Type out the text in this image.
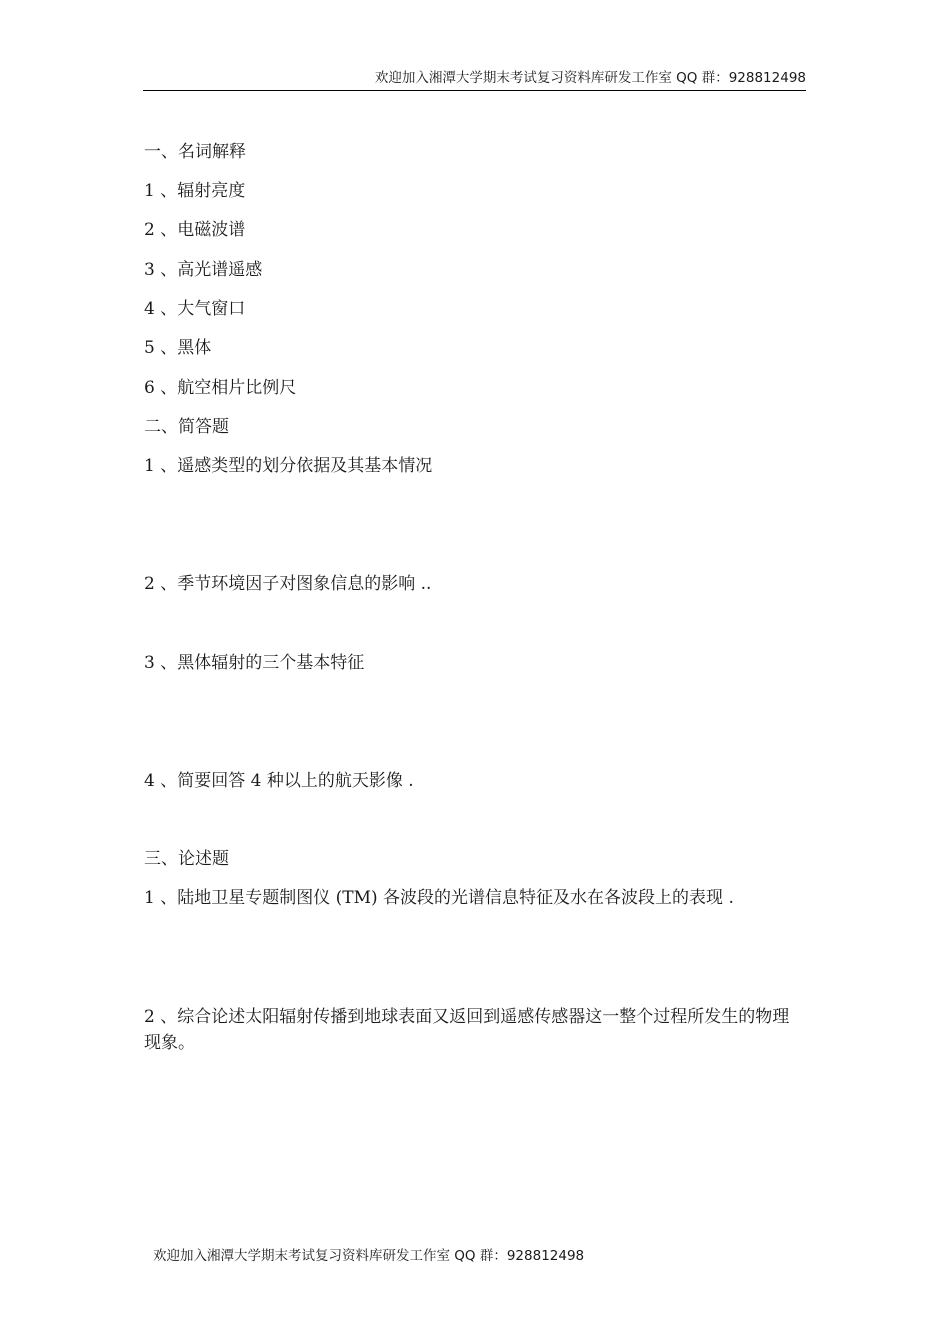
欢迎加入湘潭大学期末考试复习资料库研发工作室 QQ 群：928812498
一、名词解释
1 、辐射亮度
2 、电磁波谱
3 、高光谱遥感
4 、大气窗口
5 、黑体
6 、航空相片比例尺
二、简答题
1 、遥感类型的划分依据及其基本情况
2 、季节环境因子对图象信息的影响 ..
3 、黑体辐射的三个基本特征
4 、简要回答 4 种以上的航天影像 .
三、论述题
1 、陆地卫星专题制图仪 (TM) 各波段的光谱信息特征及水在各波段上的表现 .
2 、综合论述太阳辐射传播到地球表面又返回到遥感传感器这一整个过程所发生的物理现象。
欢迎加入湘潭大学期末考试复习资料库研发工作室 QQ 群：928812498
